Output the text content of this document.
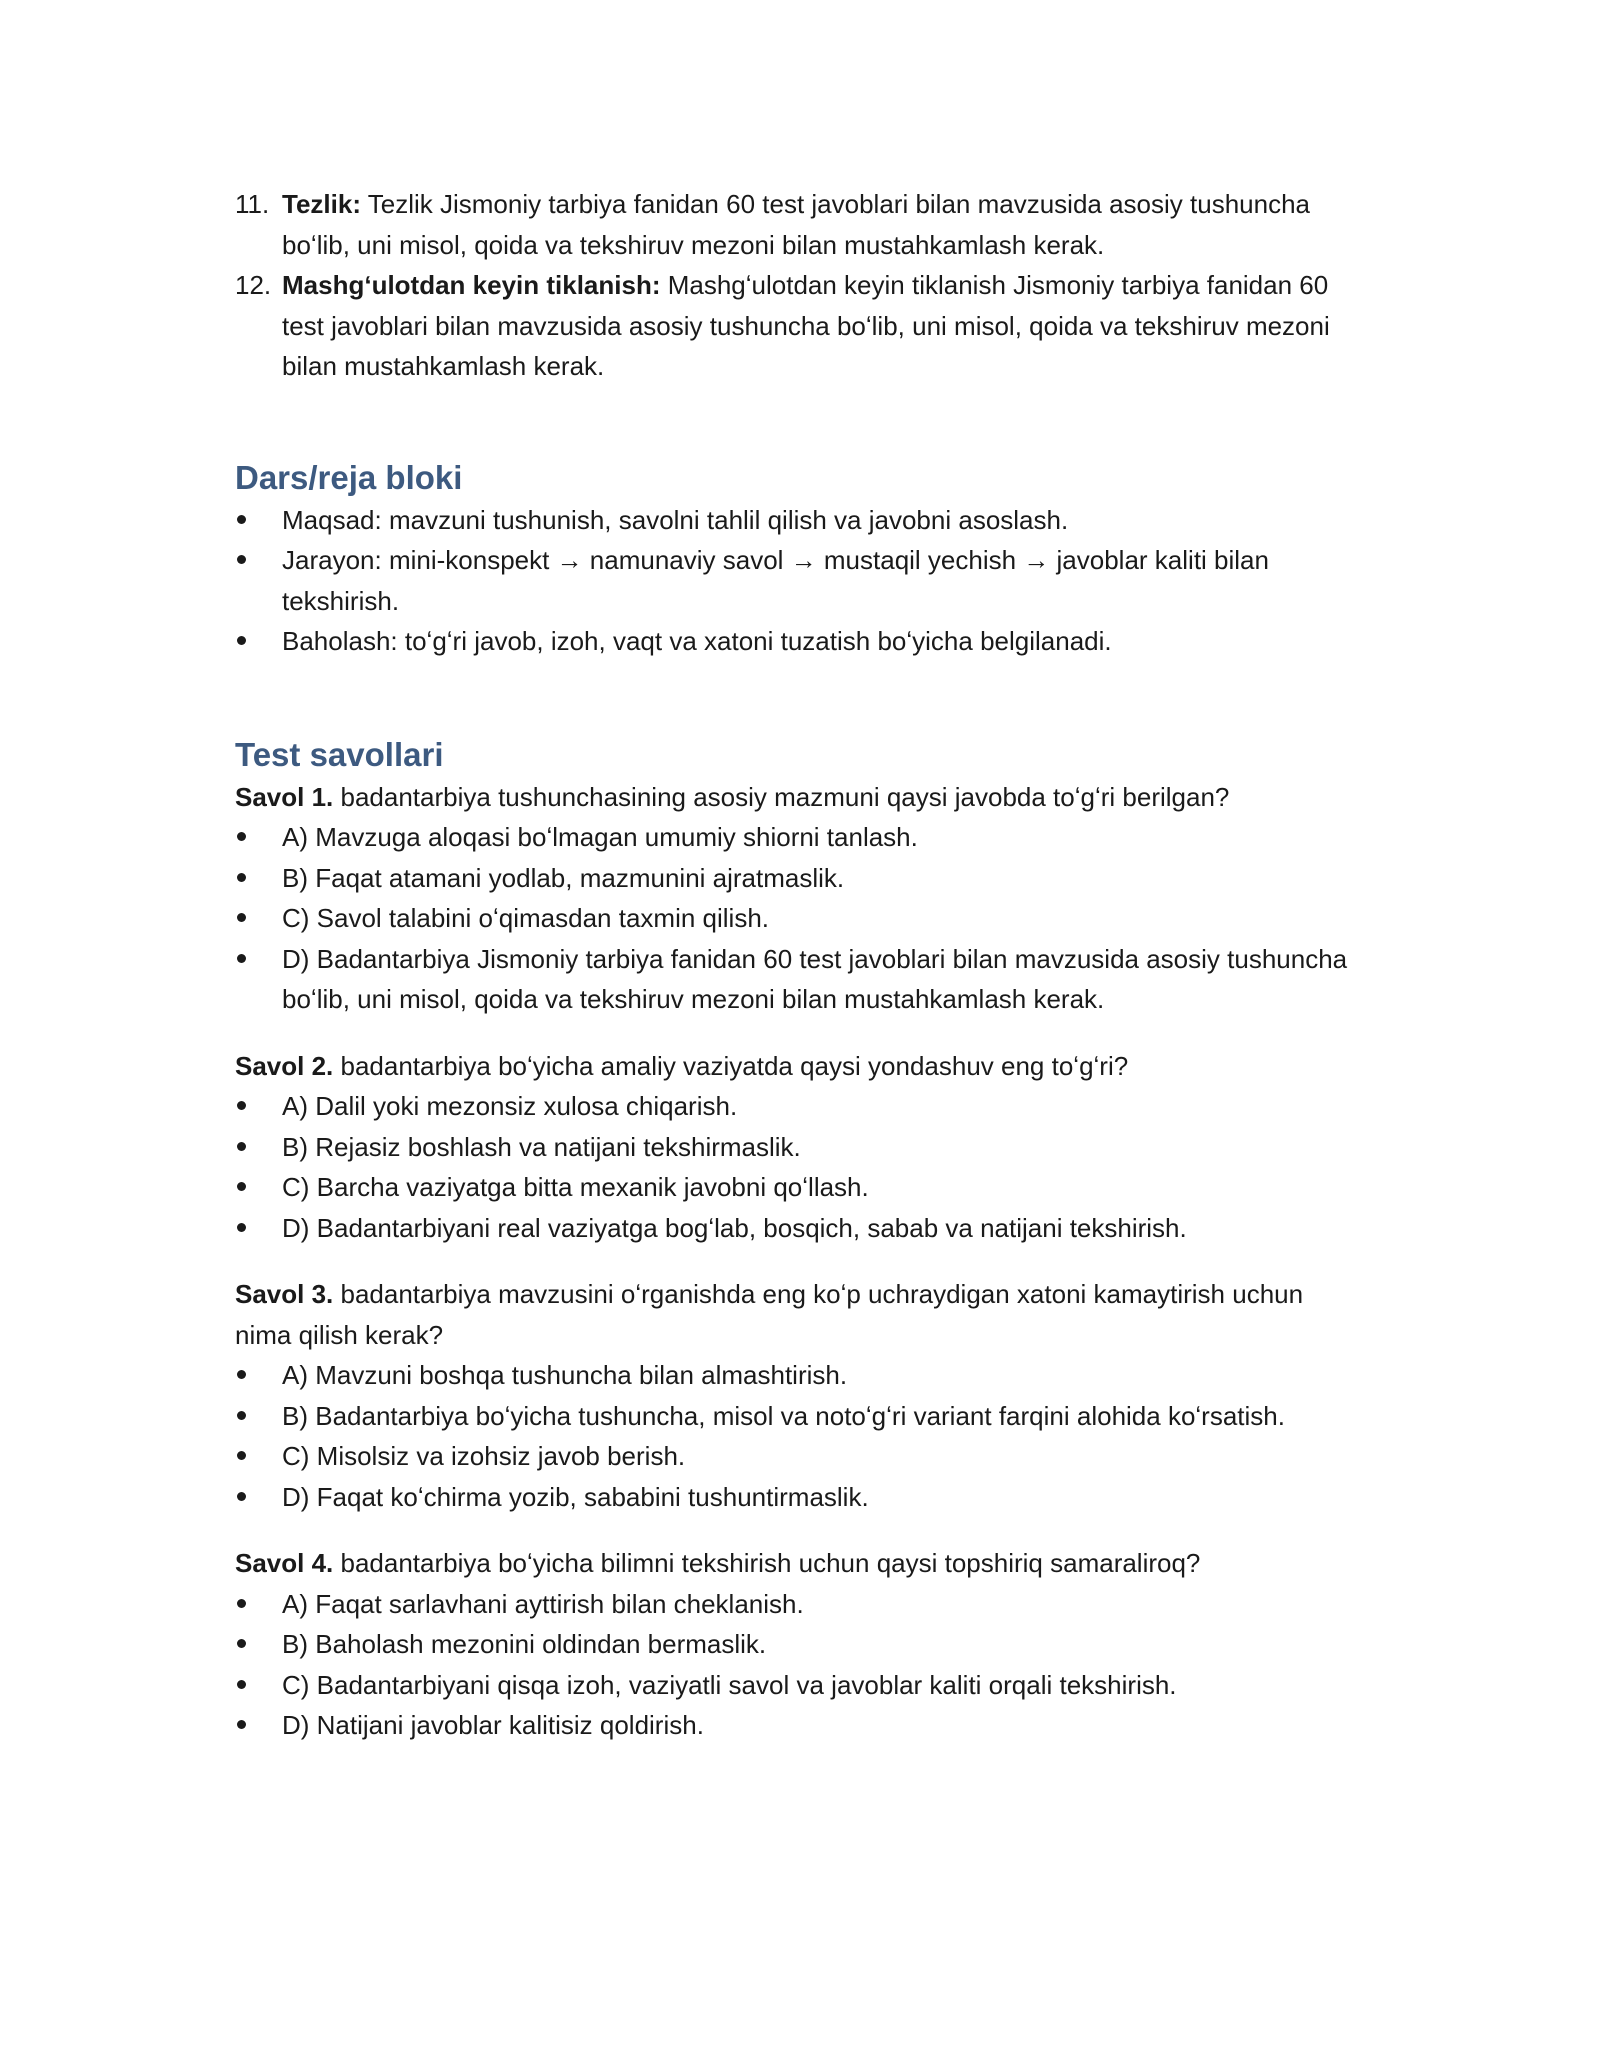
11. Tezlik: Tezlik Jismoniy tarbiya fanidan 60 test javoblari bilan mavzusida asosiy tushuncha boʻlib, uni misol, qoida va tekshiruv mezoni bilan mustahkamlash kerak.
12. Mashgʻulotdan keyin tiklanish: Mashgʻulotdan keyin tiklanish Jismoniy tarbiya fanidan 60 test javoblari bilan mavzusida asosiy tushuncha boʻlib, uni misol, qoida va tekshiruv mezoni bilan mustahkamlash kerak.
Dars/reja bloki
Maqsad: mavzuni tushunish, savolni tahlil qilish va javobni asoslash.
Jarayon: mini-konspekt → namunaviy savol → mustaqil yechish → javoblar kaliti bilan tekshirish.
Baholash: toʻgʻri javob, izoh, vaqt va xatoni tuzatish boʻyicha belgilanadi.
Test savollari

Savol 1. badantarbiya tushunchasining asosiy mazmuni qaysi javobda toʻgʻri berilgan?

A) Mavzuga aloqasi boʻlmagan umumiy shiorni tanlash.
B) Faqat atamani yodlab, mazmunini ajratmaslik.
C) Savol talabini oʻqimasdan taxmin qilish.
D) Badantarbiya Jismoniy tarbiya fanidan 60 test javoblari bilan mavzusida asosiy tushuncha boʻlib, uni misol, qoida va tekshiruv mezoni bilan mustahkamlash kerak.

Savol 2. badantarbiya boʻyicha amaliy vaziyatda qaysi yondashuv eng toʻgʻri?

A) Dalil yoki mezonsiz xulosa chiqarish.
B) Rejasiz boshlash va natijani tekshirmaslik.
C) Barcha vaziyatga bitta mexanik javobni qoʻllash.
D) Badantarbiyani real vaziyatga bogʻlab, bosqich, sabab va natijani tekshirish.

Savol 3. badantarbiya mavzusini oʻrganishda eng koʻp uchraydigan xatoni kamaytirish uchun nima qilish kerak?

A) Mavzuni boshqa tushuncha bilan almashtirish.
B) Badantarbiya boʻyicha tushuncha, misol va notoʻgʻri variant farqini alohida koʻrsatish.
C) Misolsiz va izohsiz javob berish.
D) Faqat koʻchirma yozib, sababini tushuntirmaslik.

Savol 4. badantarbiya boʻyicha bilimni tekshirish uchun qaysi topshiriq samaraliroq?

A) Faqat sarlavhani ayttirish bilan cheklanish.
B) Baholash mezonini oldindan bermaslik.
C) Badantarbiyani qisqa izoh, vaziyatli savol va javoblar kaliti orqali tekshirish.
D) Natijani javoblar kalitisiz qoldirish.
